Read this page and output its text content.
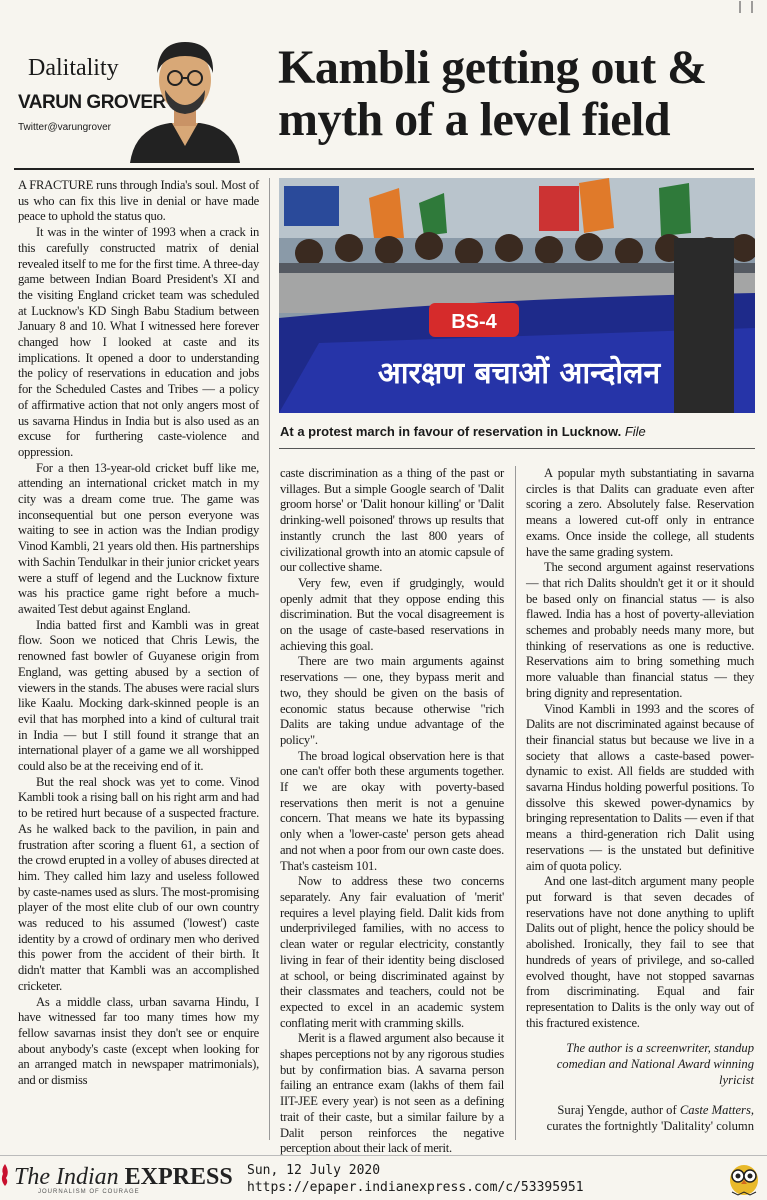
Dalitality
VARUN GROVER
Twitter@varungrover
Kambli getting out &
myth of a level field

A FRACTURE runs through India's soul. Most of us who can fix this live in denial or have made peace to uphold the status quo.

It was in the winter of 1993 when a crack in this carefully constructed matrix of denial revealed itself to me for the first time. A three-day game between Indian Board President's XI and the visiting England cricket team was scheduled at Lucknow's KD Singh Babu Stadium between January 8 and 10. What I witnessed here forever changed how I looked at caste and its implications. It opened a door to understanding the policy of reservations in education and jobs for the Scheduled Castes and Tribes — a policy of affirmative action that not only angers most of us savarna Hindus in India but is also used as an excuse for furthering caste-violence and oppression.

For a then 13-year-old cricket buff like me, attending an international cricket match in my city was a dream come true. The game was inconsequential but one person everyone was waiting to see in action was the Indian prodigy Vinod Kambli, 21 years old then. His partnerships with Sachin Tendulkar in their junior cricket years were a stuff of legend and the Lucknow fixture was his practice game right before a much-awaited Test debut against England.

India batted first and Kambli was in great flow. Soon we noticed that Chris Lewis, the renowned fast bowler of Guyanese origin from England, was getting abused by a section of viewers in the stands. The abuses were racial slurs like Kaalu. Mocking dark-skinned people is an evil that has morphed into a kind of cultural trait in India — but I still found it strange that an international player of a game we all worshipped could also be at the receiving end of it.

But the real shock was yet to come. Vinod Kambli took a rising ball on his right arm and had to be retired hurt because of a suspected fracture. As he walked back to the pavilion, in pain and frustration after scoring a fluent 61, a section of the crowd erupted in a volley of abuses directed at him. They called him lazy and useless followed by caste-names used as slurs. The most-promising player of the most elite club of our own country was reduced to his assumed ('lowest') caste identity by a crowd of ordinary men who derived this power from the accident of their birth. It didn't matter that Kambli was an accomplished cricketer.

As a middle class, urban savarna Hindu, I have witnessed far too many times how my fellow savarnas insist they don't see or enquire about anybody's caste (except when looking for an arranged match in newspaper matrimonials), and or dismiss

BS-4
आरक्षण बचाओं आन्दोलन
At a protest march in favour of reservation in Lucknow. File

caste discrimination as a thing of the past or villages. But a simple Google search of 'Dalit groom horse' or 'Dalit honour killing' or 'Dalit drinking-well poisoned' throws up results that instantly crunch the last 800 years of civilizational growth into an atomic capsule of our collective shame.

Very few, even if grudgingly, would openly admit that they oppose ending this discrimination. But the vocal disagreement is on the usage of caste-based reservations in achieving this goal.

There are two main arguments against reservations — one, they bypass merit and two, they should be given on the basis of economic status because otherwise "rich Dalits are taking undue advantage of the policy".

The broad logical observation here is that one can't offer both these arguments together. If we are okay with poverty-based reservations then merit is not a genuine concern. That means we hate its bypassing only when a 'lower-caste' person gets ahead and not when a poor from our own caste does. That's casteism 101.

Now to address these two concerns separately. Any fair evaluation of 'merit' requires a level playing field. Dalit kids from underprivileged families, with no access to clean water or regular electricity, constantly living in fear of their identity being disclosed at school, or being discriminated against by their classmates and teachers, could not be expected to excel in an academic system conflating merit with cramming skills.

Merit is a flawed argument also because it shapes perceptions not by any rigorous studies but by confirmation bias. A savarna person failing an entrance exam (lakhs of them fail IIT-JEE every year) is not seen as a defining trait of their caste, but a similar failure by a Dalit person reinforces the negative perception about their lack of merit.

A popular myth substantiating in savarna circles is that Dalits can graduate even after scoring a zero. Absolutely false. Reservation means a lowered cut-off only in entrance exams. Once inside the college, all students have the same grading system.

The second argument against reservations — that rich Dalits shouldn't get it or it should be based only on financial status — is also flawed. India has a host of poverty-alleviation schemes and probably needs many more, but thinking of reservations as one is reductive. Reservations aim to bring something much more valuable than financial status — they bring dignity and representation.

Vinod Kambli in 1993 and the scores of Dalits are not discriminated against because of their financial status but because we live in a society that allows a caste-based power-dynamic to exist. All fields are studded with savarna Hindus holding powerful positions. To dissolve this skewed power-dynamics by bringing representation to Dalits — even if that means a third-generation rich Dalit using reservations — is the unstated but definitive aim of quota policy.

And one last-ditch argument many people put forward is that seven decades of reservations have not done anything to uplift Dalits out of plight, hence the policy should be abolished. Ironically, they fail to see that hundreds of years of privilege, and so-called evolved thought, have not stopped savarnas from discriminating. Equal and fair representation to Dalits is the only way out of this fractured existence.

The author is a screenwriter, standup comedian and National Award winning lyricist
Suraj Yengde, author of Caste Matters, curates the fortnightly 'Dalitality' column
​ The Indian EXPRESS
JOURNALISM OF COURAGE
Sun, 12 July 2020
https://epaper.indianexpress.com/c/53395951
